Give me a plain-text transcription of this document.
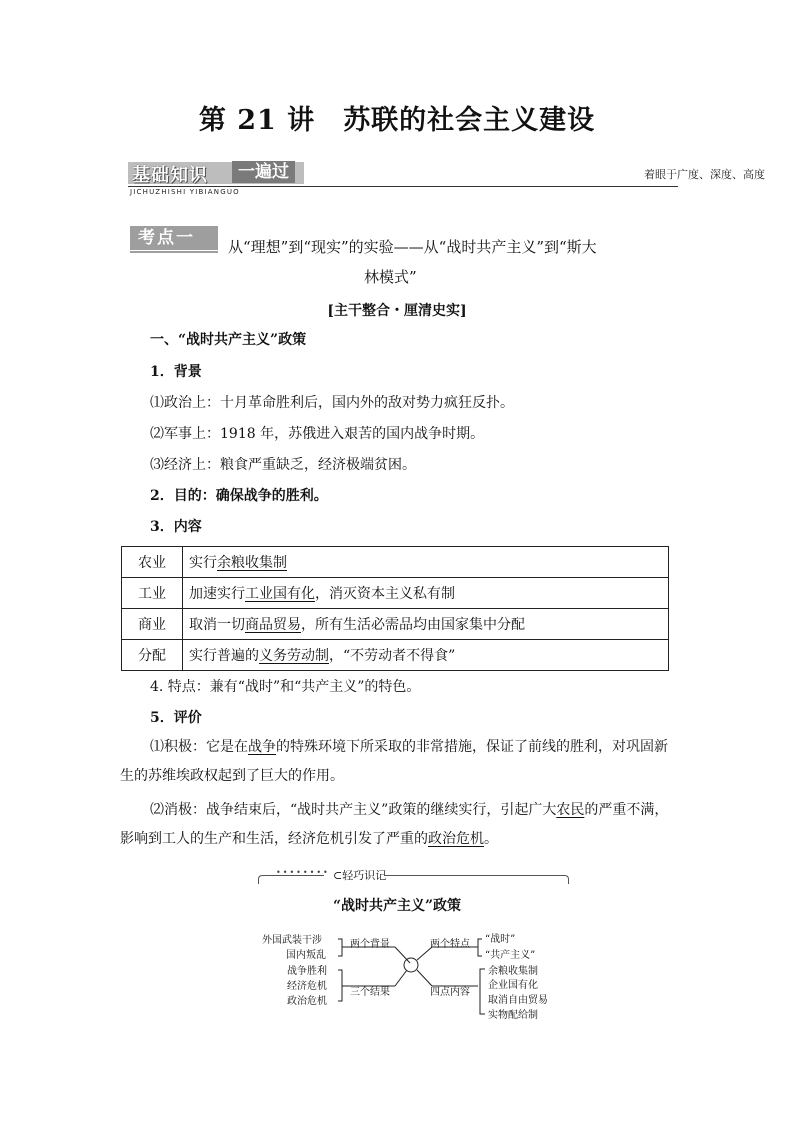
第 21 讲 苏联的社会主义建设
基础知识	一遍过
JICHUZHISHI YIBIANGUO
着眼于广度、深度、高度
考点一 从“理想”到“现实”的实验——从“战时共产主义”到“斯大
林模式”
[主干整合・厘清史实]
一、“战时共产主义”政策
1．背景
⑴政治上：十月革命胜利后，国内外的敌对势力疯狂反扑。
⑵军事上：1918 年，苏俄进入艰苦的国内战争时期。
⑶经济上：粮食严重缺乏，经济极端贫困。
2．目的：确保战争的胜利。
3．内容
农业	实行余粮收集制
工业	加速实行工业国有化，消灭资本主义私有制
商业	取消一切商品贸易，所有生活必需品均由国家集中分配
分配	实行普遍的义务劳动制，“不劳动者不得食”
4. 特点：兼有“战时”和“共产主义”的特色。
5．评价
⑴积极：它是在战争的特殊环境下所采取的非常措施，保证了前线的胜利，对巩固新生的苏维埃政权起到了巨大的作用。
⑵消极：战争结束后，“战时共产主义”政策的继续实行，引起广大农民的严重不满，影响到工人的生产和生活，经济危机引发了严重的政治危机。
•••••••• ⊂轻巧识记
“战时共产主义”政策
外国武装干涉
国内叛乱
战争胜利
经济危机
政治危机
两个背景
三个结果
两个特点
四点内容
“战时”
“共产主义”
余粮收集制
企业国有化
取消自由贸易
实物配给制
